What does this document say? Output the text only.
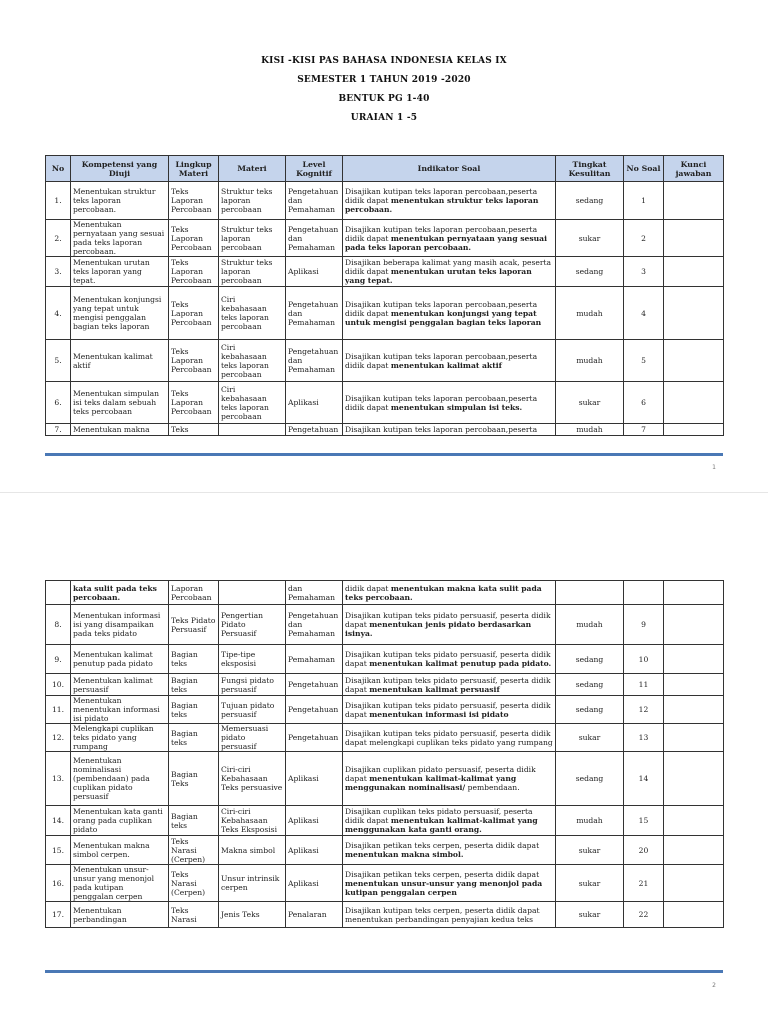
KISI -KISI PAS BAHASA INDONESIA KELAS IX
SEMESTER 1 TAHUN 2019 -2020
BENTUK PG 1-40
URAIAN 1 -5
No	Kompetensi yang Diuji	Lingkup Materi	Materi	Level Kognitif	Indikator Soal	Tingkat Kesulitan	No Soal	Kunci jawaban
1.	Menentukan struktur teks laporan percobaan.	Teks Laporan Percobaan	Struktur teks laporan percobaan	Pengetahuan dan Pemahaman	Disajikan kutipan teks laporan percobaan,peserta didik dapat menentukan struktur teks laporan percobaan.	sedang	1	
2.	Menentukan pernyataan yang sesuai pada teks laporan percobaan.	Teks Laporan Percobaan	Struktur teks laporan percobaan	Pengetahuan dan Pemahaman	Disajikan kutipan teks laporan percobaan,peserta didik dapat menentukan pernyataan yang sesuai pada teks laporan percobaan.	sukar	2	
3.	Menentukan urutan teks laporan yang tepat.	Teks Laporan Percobaan	Struktur teks laporan percobaan	Aplikasi	Disajikan beberapa kalimat yang masih acak, peserta didik dapat menentukan urutan teks laporan yang tepat.	sedang	3	
4.	Menentukan konjungsi yang tepat untuk mengisi penggalan bagian teks laporan	Teks Laporan Percobaan	Ciri kebahasaan teks laporan percobaan	Pengetahuan dan Pemahaman	Disajikan kutipan teks laporan percobaan,peserta didik dapat menentukan konjungsi yang tepat untuk mengisi penggalan bagian teks laporan	mudah	4	
5.	Menentukan kalimat aktif	Teks Laporan Percobaan	Ciri kebahasaan teks laporan percobaan	Pengetahuan dan Pemahaman	Disajikan kutipan teks laporan percobaan,peserta didik dapat menentukan kalimat aktif	mudah	5	
6.	Menentukan simpulan isi teks dalam sebuah teks percobaan	Teks Laporan Percobaan	Ciri kebahasaan teks laporan percobaan	Aplikasi	Disajikan kutipan teks laporan percobaan,peserta didik dapat menentukan simpulan isi teks.	sukar	6	
7.	Menentukan makna	Teks		Pengetahuan	Disajikan kutipan teks laporan percobaan,peserta	mudah	7	
1
	kata sulit pada teks percobaan.	Laporan Percobaan		dan Pemahaman	didik dapat menentukan makna kata sulit pada teks percobaan.			
8.	Menentukan informasi isi yang disampaikan pada teks pidato	Teks Pidato Persuasif	Pengertian Pidato Persuasif	Pengetahuan dan Pemahaman	Disajikan kutipan teks pidato persuasif, peserta didik dapat menentukan jenis pidato berdasarkan isinya.	mudah	9	
9.	Menentukan kalimat penutup pada pidato	Bagian teks	Tipe-tipe eksposisi	Pemahaman	Disajikan kutipan teks pidato persuasif, peserta didik dapat menentukan kalimat penutup pada pidato.	sedang	10	
10.	Menentukan kalimat persuasif	Bagian teks	Fungsi pidato persuasif	Pengetahuan	Disajikan kutipan teks pidato persuasif, peserta didik dapat menentukan kalimat persuasif	sedang	11	
11.	Menentukan menentukan informasi isi pidato	Bagian teks	Tujuan pidato persuasif	Pengetahuan	Disajikan kutipan teks pidato persuasif, peserta didik dapat menentukan informasi isi pidato	sedang	12	
12.	Melengkapi cuplikan teks pidato yang rumpang	Bagian teks	Memersuasi pidato persuasif	Pengetahuan	Disajikan kutipan teks pidato persuasif, peserta didik dapat melengkapi cuplikan teks pidato yang rumpang	sukar	13	
13.	Menentukan nominalisasi (pembendaan) pada cuplikan pidato persuasif	Bagian Teks	Ciri-ciri Kebahasaan Teks persuasive	Aplikasi	Disajikan cuplikan pidato persuasif, peserta didik dapat menentukan kalimat-kalimat yang menggunakan nominalisasi/ pembendaan.	sedang	14	
14.	Menentukan kata ganti orang pada cuplikan pidato	Bagian teks	Ciri-ciri Kebahasaan Teks Eksposisi	Aplikasi	Disajikan cuplikan teks pidato persuasif, peserta didik dapat menentukan kalimat-kalimat yang menggunakan kata ganti orang.	mudah	15	
15.	Menentukan makna simbol cerpen.	Teks Narasi (Cerpen)	Makna simbol	Aplikasi	Disajikan petikan teks cerpen, peserta didik dapat menentukan makna simbol.	sukar	20	
16.	Menentukan unsur-unsur yang menonjol pada kutipan penggalan cerpen	Teks Narasi (Cerpen)	Unsur intrinsik cerpen	Aplikasi	Disajikan petikan teks cerpen, peserta didik dapat menentukan unsur-unsur yang menonjol pada kutipan penggalan cerpen	sukar	21	
17.	Menentukan perbandingan	Teks Narasi	Jenis Teks	Penalaran	Disajikan kutipan teks cerpen, peserta didik dapat menentukan perbandingan penyajian kedua teks	sukar	22	
2
